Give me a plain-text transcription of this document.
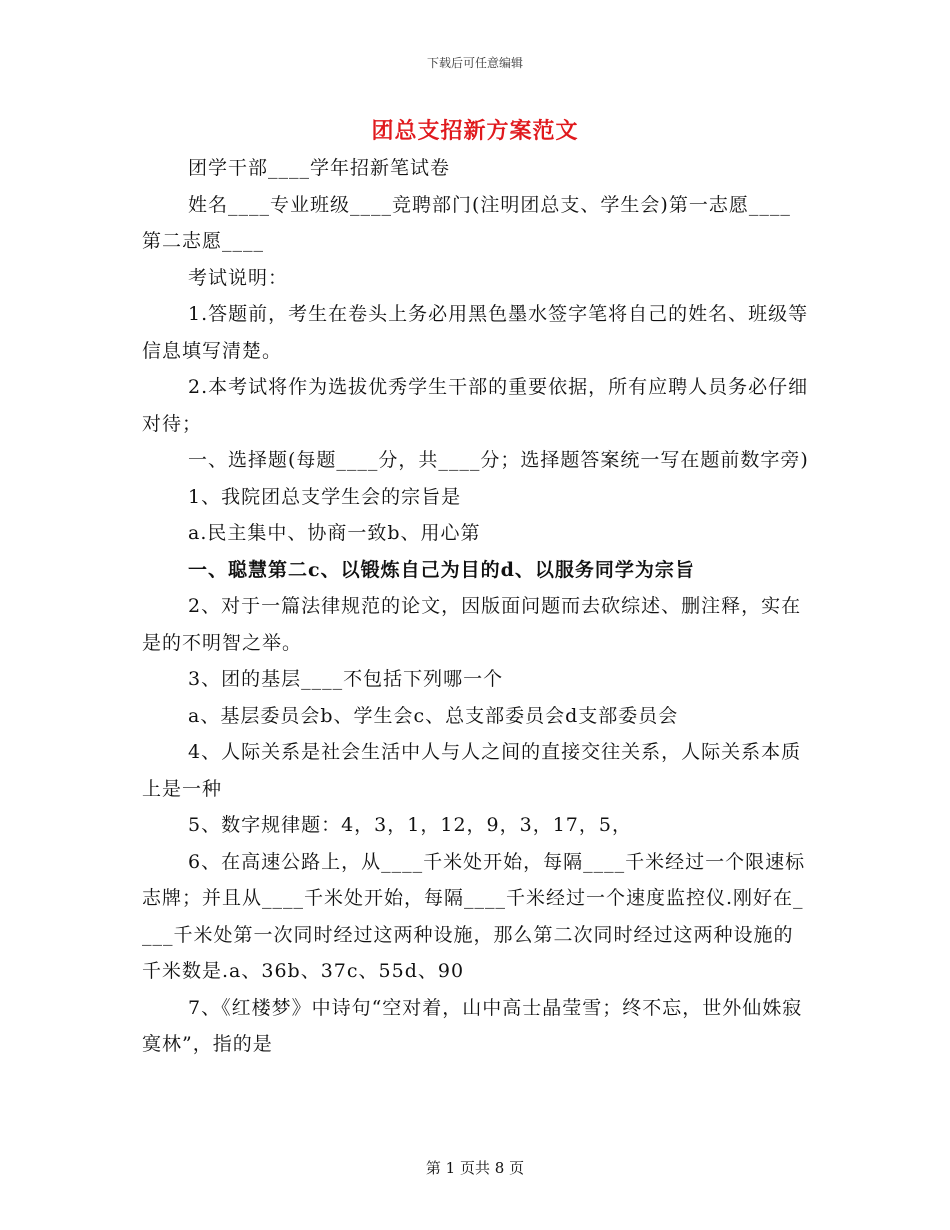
下载后可任意编辑
团总支招新方案范文

团学干部____学年招新笔试卷

姓名____专业班级____竞聘部门(注明团总支、学生会)第一志愿____第二志愿____

考试说明：

1.答题前，考生在卷头上务必用黑色墨水签字笔将自己的姓名、班级等信息填写清楚。

2.本考试将作为选拔优秀学生干部的重要依据，所有应聘人员务必仔细对待；

一、选择题(每题____分，共____分；选择题答案统一写在题前数字旁)

1、我院团总支学生会的宗旨是

a.民主集中、协商一致b、用心第

一、聪慧第二c、以锻炼自己为目的d、以服务同学为宗旨

2、对于一篇法律规范的论文，因版面问题而去砍综述、删注释，实在是的不明智之举。

3、团的基层____不包括下列哪一个

a、基层委员会b、学生会c、总支部委员会d支部委员会

4、人际关系是社会生活中人与人之间的直接交往关系，人际关系本质上是一种

5、数字规律题：4，3，1，12，9，3，17，5，

6、在高速公路上，从____千米处开始，每隔____千米经过一个限速标志牌；并且从____千米处开始，每隔____千米经过一个速度监控仪.刚好在____千米处第一次同时经过这两种设施，那么第二次同时经过这两种设施的千米数是.a、36b、37c、55d、90

7、《红楼梦》中诗句“空对着，山中高士晶莹雪；终不忘，世外仙姝寂寞林”，指的是

第 1 页共 8 页
